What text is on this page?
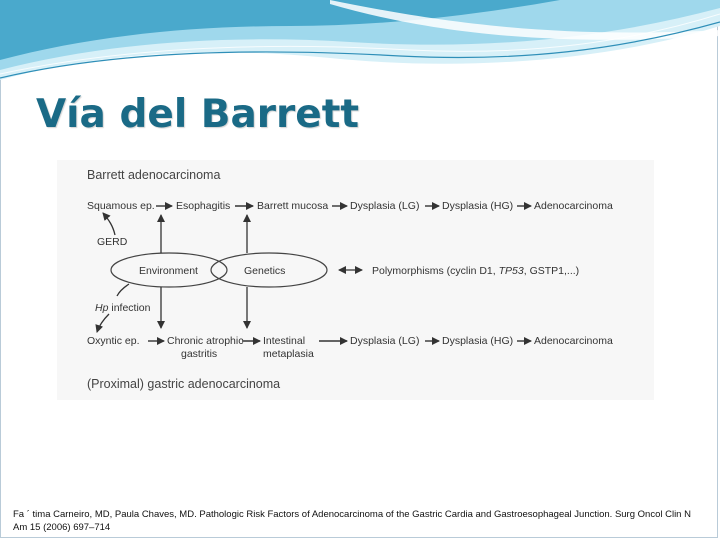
Vía del Barrett
Barrett adenocarcinoma
Squamous ep. Esophagitis	Barrett mucosa Dysplasia (LG) Dysplasia (HG) Adenocarcinoma
GERD
Environment	Genetics	Polymorphisms (cyclin D1, TP53, GSTP1,...)
Hp infection
Oxyntic ep.	Chronic atrophic
gastritis
Intestinal
metaplasia
Dysplasia (LG) Dysplasia (HG) Adenocarcinoma
(Proximal) gastric adenocarcinoma
Fa ´ tima Carneiro, MD, Paula Chaves, MD. Pathologic Risk Factors of Adenocarcinoma of the Gastric Cardia and Gastroesophageal Junction. Surg Oncol Clin N Am 15 (2006) 697–714
